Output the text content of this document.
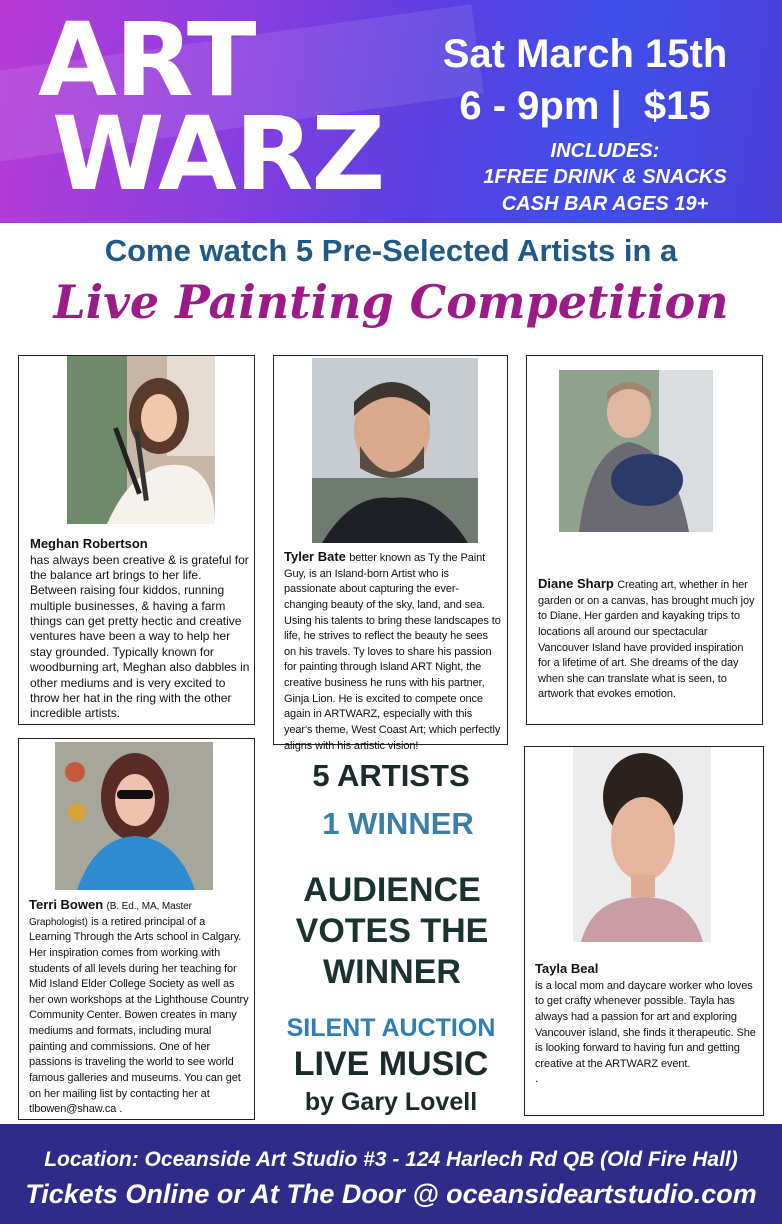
ART
WARZ
Sat March 15th
6 - 9pm |  $15
INCLUDES:
1FREE DRINK & SNACKS
CASH BAR AGES 19+
Come watch 5 Pre-Selected Artists in a
Live Painting Competition
Meghan Robertson
has always been creative & is grateful for the balance art brings to her life. Between raising four kiddos, running multiple businesses, & having a farm things can get pretty hectic and creative ventures have been a way to help her stay grounded. Typically known for woodburning art, Meghan also dabbles in other mediums and is very excited to throw her hat in the ring with the other incredible artists.
Tyler Bate better known as Ty the Paint Guy, is an Island-born Artist who is passionate about capturing the ever-changing beauty of the sky, land, and sea. Using his talents to bring these landscapes to life, he strives to reflect the beauty he sees on his travels. Ty loves to share his passion for painting through Island ART Night, the creative business he runs with his partner, Ginja Lion. He is excited to compete once again in ARTWARZ, especially with this year's theme, West Coast Art; which perfectly aligns with his artistic vision!
Diane Sharp Creating art, whether in her garden or on a canvas, has brought much joy to Diane. Her garden and kayaking trips to locations all around our spectacular Vancouver Island have provided inspiration for a lifetime of art. She dreams of the day when she can translate what is seen, to artwork that evokes emotion.
Terri Bowen (B. Ed., MA, Master Graphologist) is a retired principal of a Learning Through the Arts school in Calgary. Her inspiration comes from working with students of all levels during her teaching for Mid Island Elder College Society as well as her own workshops at the Lighthouse Country Community Center. Bowen creates in many mediums and formats, including mural painting and commissions. One of her passions is traveling the world to see world famous galleries and museums. You can get on her mailing list by contacting her at tlbowen@shaw.ca .
Tayla Beal
is a local mom and daycare worker who loves to get crafty whenever possible. Tayla has always had a passion for art and exploring Vancouver island, she finds it therapeutic. She is looking forward to having fun and getting creative at the ARTWARZ event.
.
5 ARTISTS
1 WINNER
AUDIENCE
VOTES THE
WINNER
SILENT AUCTION
LIVE MUSIC
by Gary Lovell
Location: Oceanside Art Studio #3 - 124 Harlech Rd QB (Old Fire Hall)
Tickets Online or At The Door @ oceansideartstudio.com
